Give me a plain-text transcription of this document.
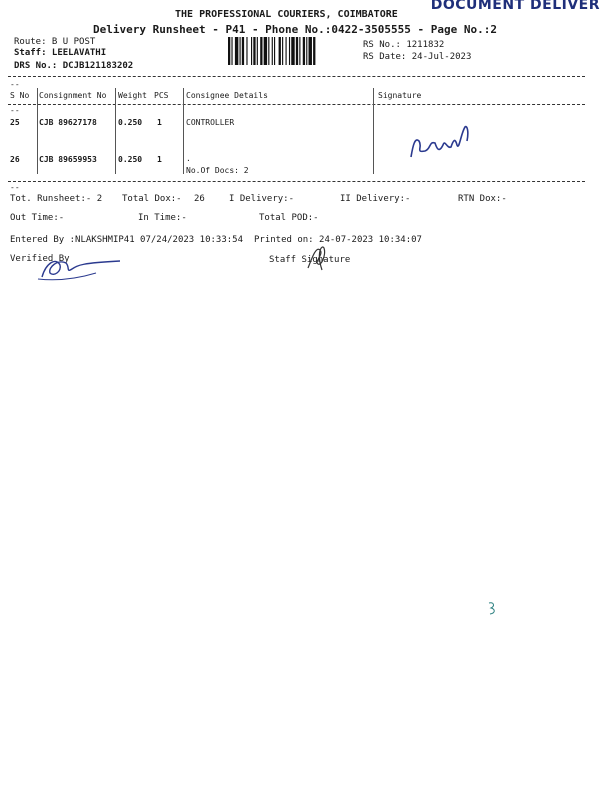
DOCUMENT DELIVER
THE PROFESSIONAL COURIERS, COIMBATORE
Delivery Runsheet - P41 - Phone No.:0422-3505555 - Page No.:2
Route: B U POST
Staff: LEELAVATHI
DRS No.: DCJB121183202
RS No.: 1211832
RS Date: 24-Jul-2023
--
S No Consignment No Weight PCS Consignee Details	Signature
--
25 CJB 89627178	0.250 1	CONTROLLER
26 CJB 89659953	0.250 1	.
No.Of Docs: 2
--
Tot. Runsheet:- 2 Total Dox:- 26	I Delivery:-	II Delivery:-	RTN Dox:-
Out Time:-	In Time:-	Total POD:-
Entered By :NLAKSHMIP41 07/24/2023 10:33:54 Printed on: 24-07-2023 10:34:07
Verified By	Staff Signature
